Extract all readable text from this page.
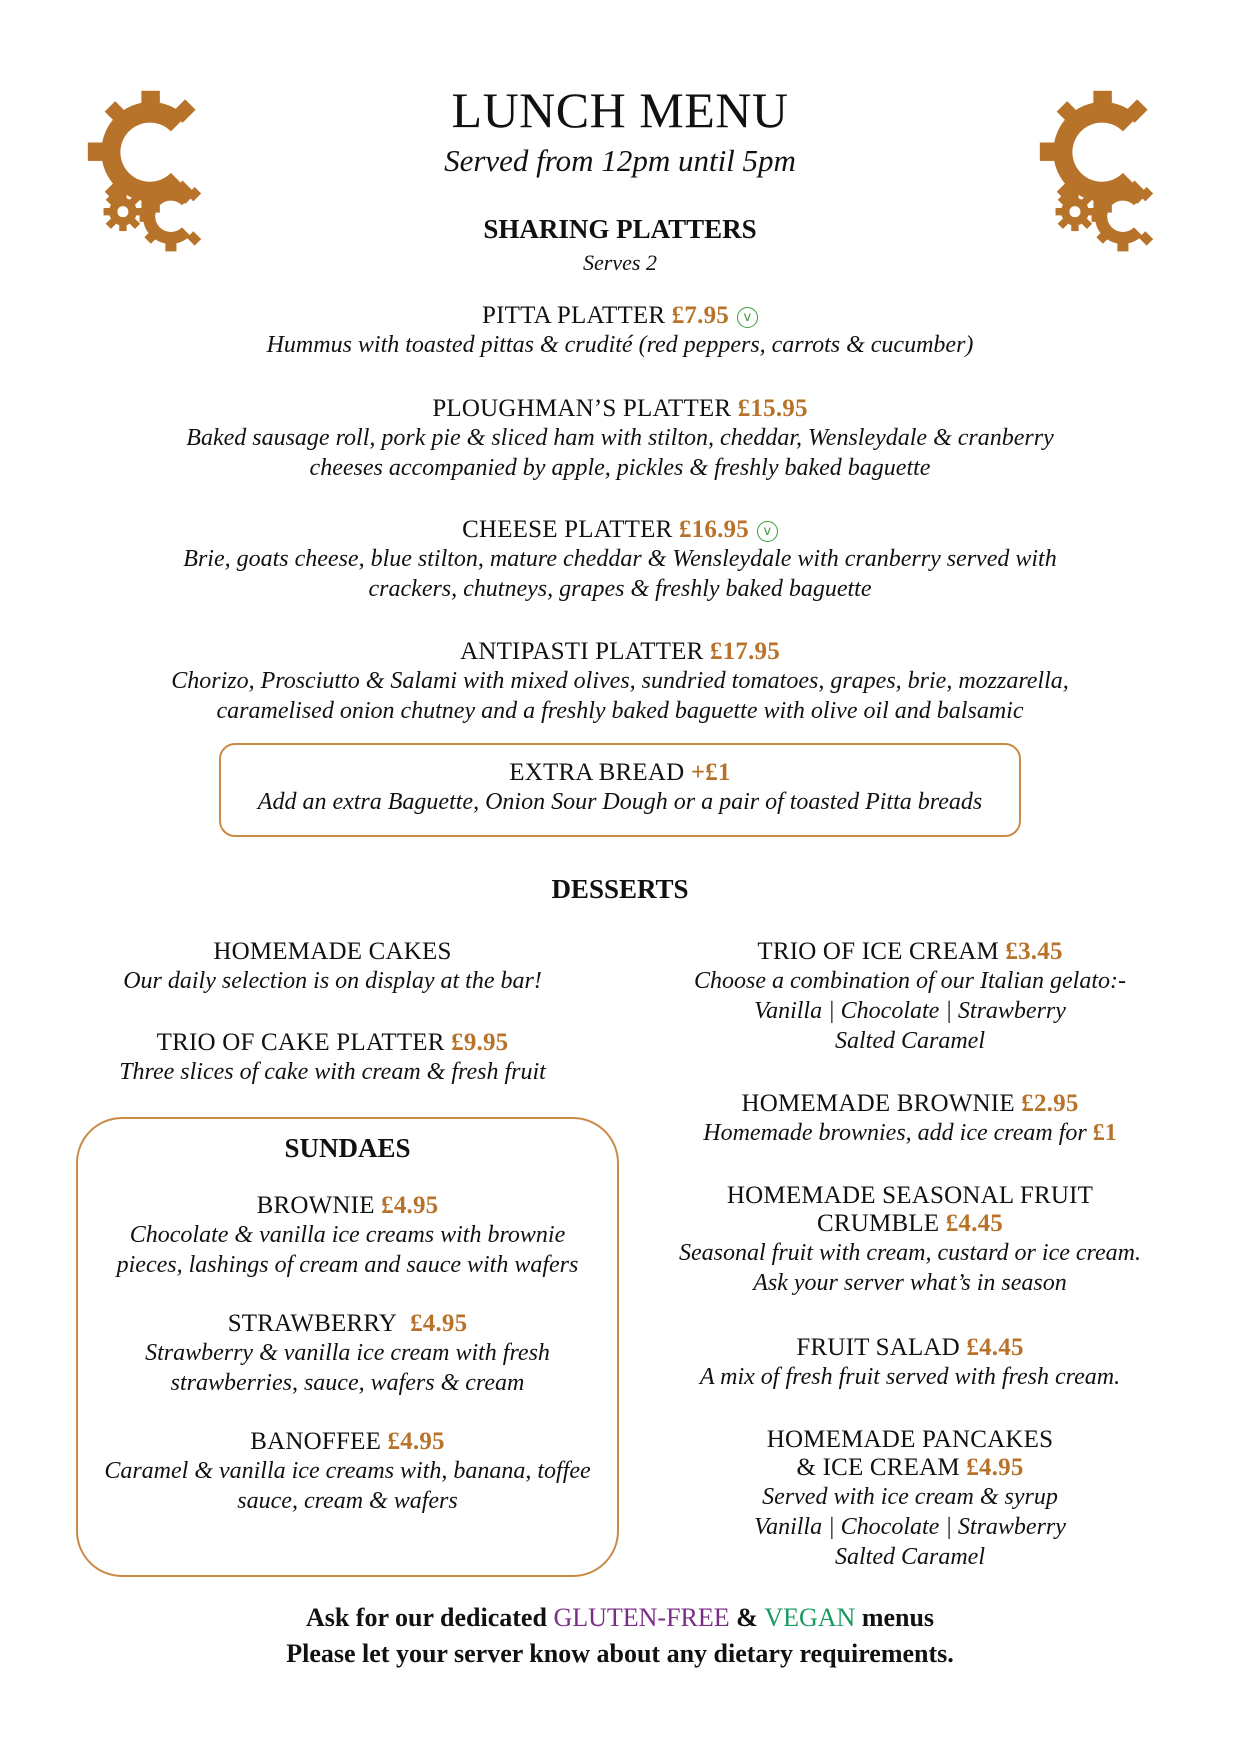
LUNCH MENU
Served from 12pm until 5pm
SHARING PLATTERS
Serves 2
PITTA PLATTER £7.95 v
Hummus with toasted pittas & crudité (red peppers, carrots & cucumber)
PLOUGHMAN’S PLATTER £15.95
Baked sausage roll, pork pie & sliced ham with stilton, cheddar, Wensleydale & cranberry
cheeses accompanied by apple, pickles & freshly baked baguette
CHEESE PLATTER £16.95 v
Brie, goats cheese, blue stilton, mature cheddar & Wensleydale with cranberry served with
crackers, chutneys, grapes & freshly baked baguette
ANTIPASTI PLATTER £17.95
Chorizo, Prosciutto & Salami with mixed olives, sundried tomatoes, grapes, brie, mozzarella,
caramelised onion chutney and a freshly baked baguette with olive oil and balsamic
EXTRA BREAD +£1
Add an extra Baguette, Onion Sour Dough or a pair of toasted Pitta breads
DESSERTS
HOMEMADE CAKES
Our daily selection is on display at the bar!
TRIO OF CAKE PLATTER £9.95
Three slices of cake with cream & fresh fruit
SUNDAES
BROWNIE £4.95
Chocolate & vanilla ice creams with brownie
pieces, lashings of cream and sauce with wafers
STRAWBERRY £4.95
Strawberry & vanilla ice cream with fresh
strawberries, sauce, wafers & cream
BANOFFEE £4.95
Caramel & vanilla ice creams with, banana, toffee
sauce, cream & wafers
TRIO OF ICE CREAM £3.45
Choose a combination of our Italian gelato:-
Vanilla | Chocolate | Strawberry
Salted Caramel
HOMEMADE BROWNIE £2.95
Homemade brownies, add ice cream for £1
HOMEMADE SEASONAL FRUIT
CRUMBLE £4.45
Seasonal fruit with cream, custard or ice cream.
Ask your server what’s in season
FRUIT SALAD £4.45
A mix of fresh fruit served with fresh cream.
HOMEMADE PANCAKES
& ICE CREAM £4.95
Served with ice cream & syrup
Vanilla | Chocolate | Strawberry
Salted Caramel
Ask for our dedicated GLUTEN-FREE & VEGAN menus
Please let your server know about any dietary requirements.
